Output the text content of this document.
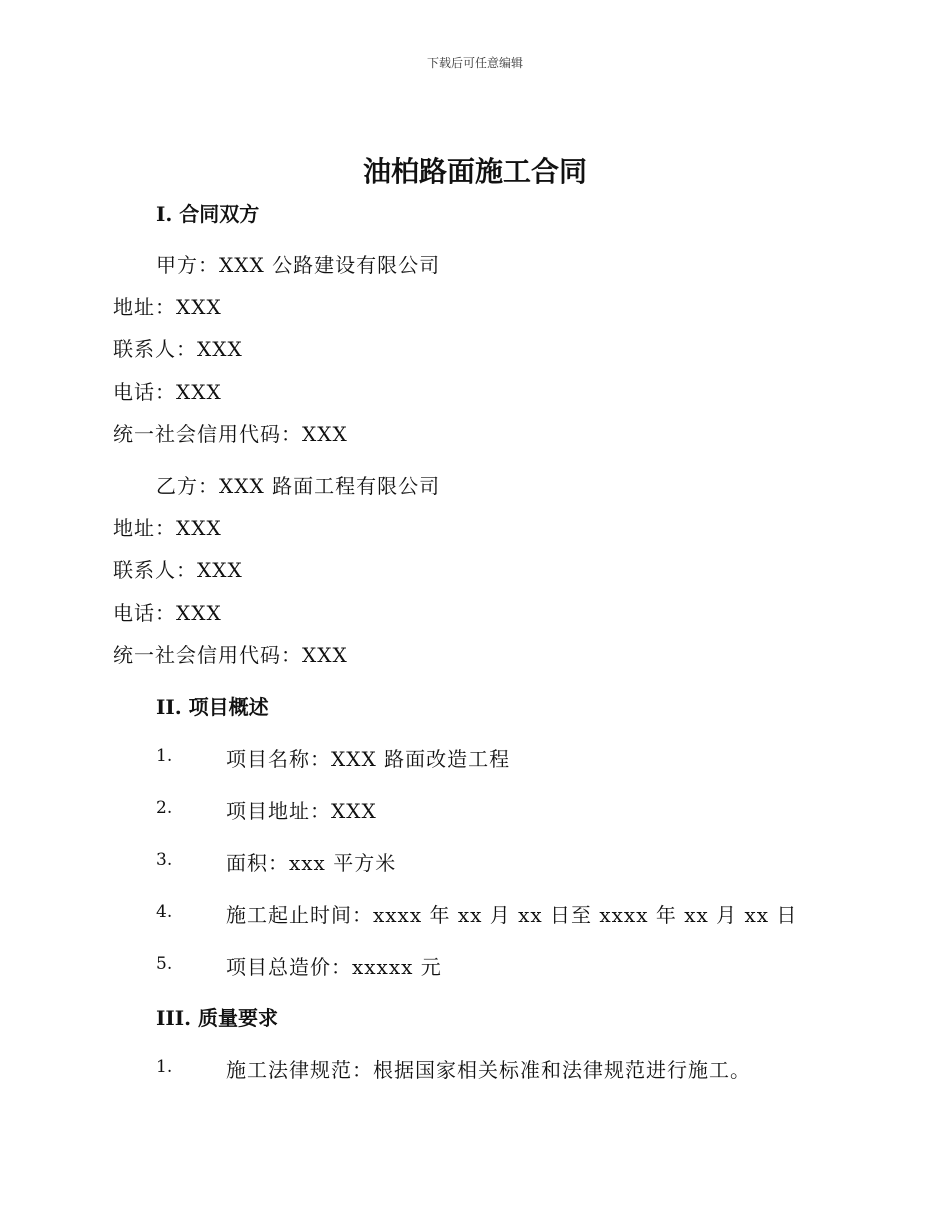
下载后可任意编辑
油柏路面施工合同
I. 合同双方

甲方：XXX 公路建设有限公司

地址：XXX

联系人：XXX

电话：XXX

统一社会信用代码：XXX

乙方：XXX 路面工程有限公司

地址：XXX

联系人：XXX

电话：XXX

统一社会信用代码：XXX

II. 项目概述
1.	项目名称：XXX 路面改造工程
2.	项目地址：XXX
3.	面积：xxx 平方米
4.	施工起止时间：xxxx 年 xx 月 xx 日至 xxxx 年 xx 月 xx 日
5.	项目总造价：xxxxx 元
III. 质量要求
1.	施工法律规范：根据国家相关标准和法律规范进行施工。
